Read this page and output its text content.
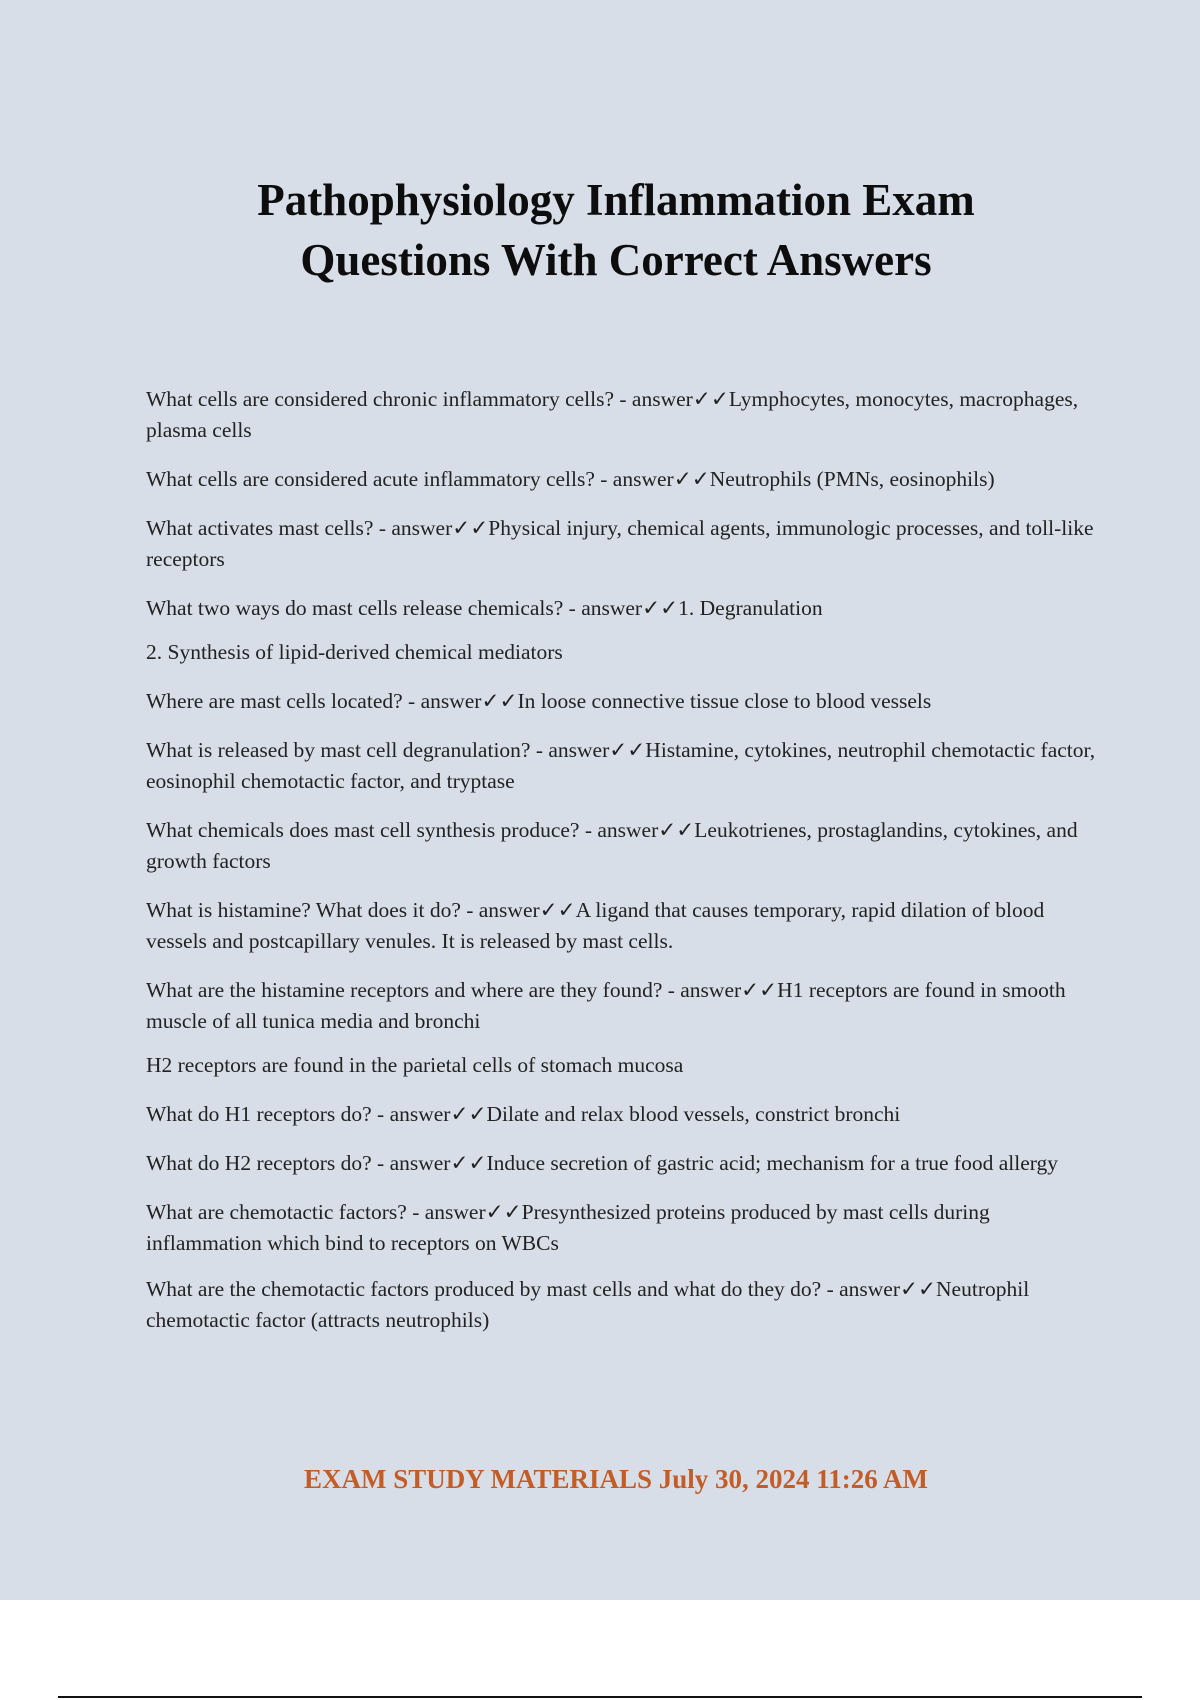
Pathophysiology Inflammation Exam
Questions With Correct Answers
What cells are considered chronic inflammatory cells? - answer✓✓Lymphocytes, monocytes, macrophages, plasma cells
What cells are considered acute inflammatory cells? - answer✓✓Neutrophils (PMNs, eosinophils)
What activates mast cells? - answer✓✓Physical injury, chemical agents, immunologic processes, and toll-like receptors
What two ways do mast cells release chemicals? - answer✓✓1. Degranulation
2. Synthesis of lipid-derived chemical mediators
Where are mast cells located? - answer✓✓In loose connective tissue close to blood vessels
What is released by mast cell degranulation? - answer✓✓Histamine, cytokines, neutrophil chemotactic factor, eosinophil chemotactic factor, and tryptase
What chemicals does mast cell synthesis produce? - answer✓✓Leukotrienes, prostaglandins, cytokines, and growth factors
What is histamine? What does it do? - answer✓✓A ligand that causes temporary, rapid dilation of blood vessels and postcapillary venules. It is released by mast cells.
What are the histamine receptors and where are they found? - answer✓✓H1 receptors are found in smooth muscle of all tunica media and bronchi
H2 receptors are found in the parietal cells of stomach mucosa
What do H1 receptors do? - answer✓✓Dilate and relax blood vessels, constrict bronchi
What do H2 receptors do? - answer✓✓Induce secretion of gastric acid; mechanism for a true food allergy
What are chemotactic factors? - answer✓✓Presynthesized proteins produced by mast cells during inflammation which bind to receptors on WBCs
What are the chemotactic factors produced by mast cells and what do they do? - answer✓✓Neutrophil chemotactic factor (attracts neutrophils)
EXAM STUDY MATERIALS July 30, 2024 11:26 AM
